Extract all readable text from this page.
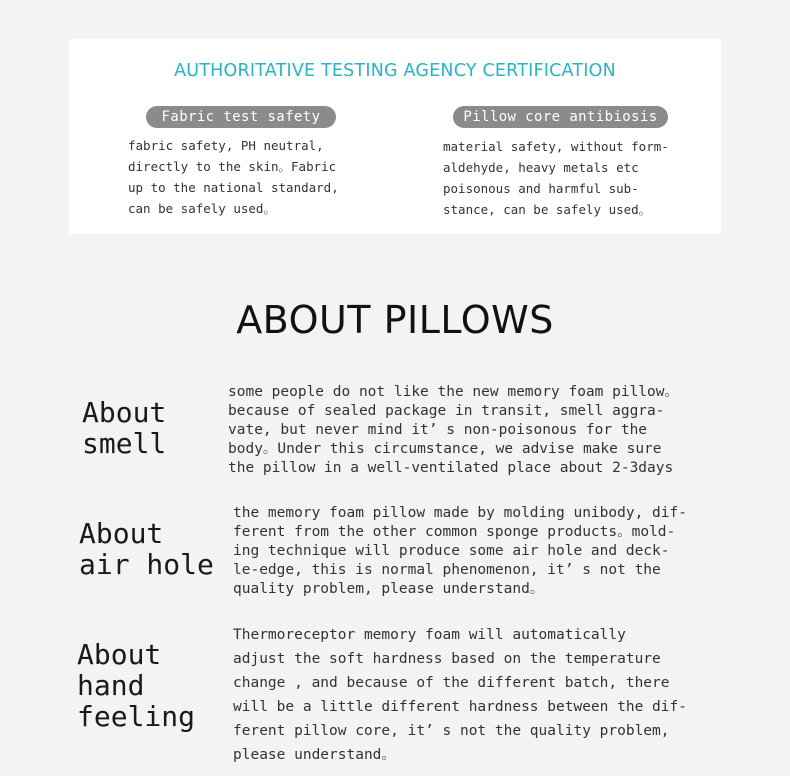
AUTHORITATIVE TESTING AGENCY CERTIFICATION
Fabric test safety	Pillow core antibiosis

fabric safety, PH neutral,
directly to the skin。Fabric
up to the national standard,
can be safely used。

material safety, without form-
aldehyde, heavy metals etc
poisonous and harmful sub-
stance, can be safely used。

ABOUT PILLOWS

About
smell

some people do not like the new memory foam pillow。
because of sealed package in transit, smell aggra-
vate, but never mind it’ s non-poisonous for the
body。Under this circumstance, we advise make sure
the pillow in a well-ventilated place about 2-3days

About
air hole

the memory foam pillow made by molding unibody, dif-
ferent from the other common sponge products。mold-
ing technique will produce some air hole and deck-
le-edge, this is normal phenomenon, it’ s not the
quality problem, please understand。

About
hand
feeling

Thermoreceptor memory foam will automatically
adjust the soft hardness based on the temperature
change , and because of the different batch, there
will be a little different hardness between the dif-
ferent pillow core, it’ s not the quality problem,
please understand。
